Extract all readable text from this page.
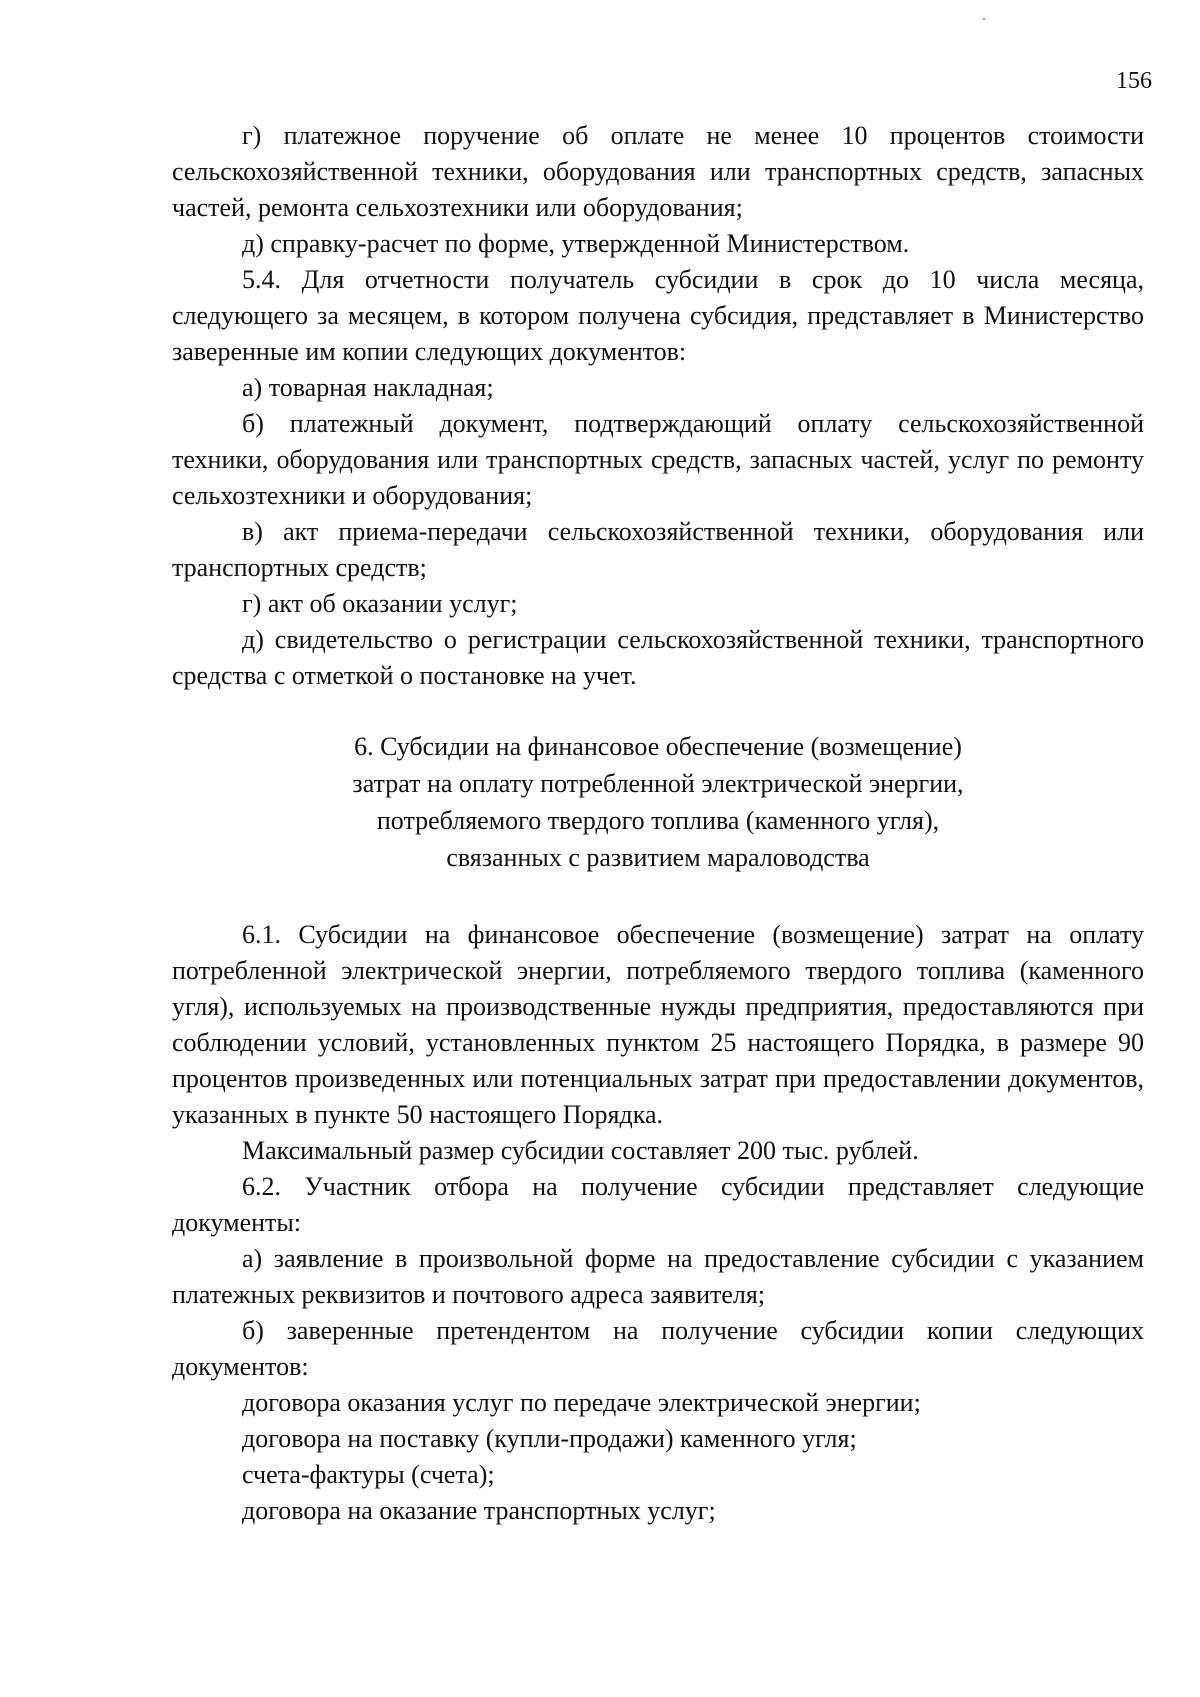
156

г) платежное поручение об оплате не менее 10 процентов стоимости сельскохозяйственной техники, оборудования или транспортных средств, запасных частей, ремонта сельхозтехники или оборудования;

д) справку-расчет по форме, утвержденной Министерством.

5.4. Для отчетности получатель субсидии в срок до 10 числа месяца, следующего за месяцем, в котором получена субсидия, представляет в Министерство заверенные им копии следующих документов:

а) товарная накладная;

б) платежный документ, подтверждающий оплату сельскохозяйственной техники, оборудования или транспортных средств, запасных частей, услуг по ремонту сельхозтехники и оборудования;

в) акт приема-передачи сельскохозяйственной техники, оборудования или транспортных средств;

г) акт об оказании услуг;

д) свидетельство о регистрации сельскохозяйственной техники, транспортного средства с отметкой о постановке на учет.

6. Субсидии на финансовое обеспечение (возмещение)
затрат на оплату потребленной электрической энергии,
потребляемого твердого топлива (каменного угля),
связанных с развитием мараловодства

6.1. Субсидии на финансовое обеспечение (возмещение) затрат на оплату потребленной электрической энергии, потребляемого твердого топлива (каменного угля), используемых на производственные нужды предприятия, предоставляются при соблюдении условий, установленных пунктом 25 настоящего Порядка, в размере 90 процентов произведенных или потенциальных затрат при предоставлении документов, указанных в пункте 50 настоящего Порядка.

Максимальный размер субсидии составляет 200 тыс. рублей.

6.2. Участник отбора на получение субсидии представляет следующие документы:

а) заявление в произвольной форме на предоставление субсидии с указанием платежных реквизитов и почтового адреса заявителя;

б) заверенные претендентом на получение субсидии копии следующих документов:

договора оказания услуг по передаче электрической энергии;

договора на поставку (купли-продажи) каменного угля;

счета-фактуры (счета);

договора на оказание транспортных услуг;
